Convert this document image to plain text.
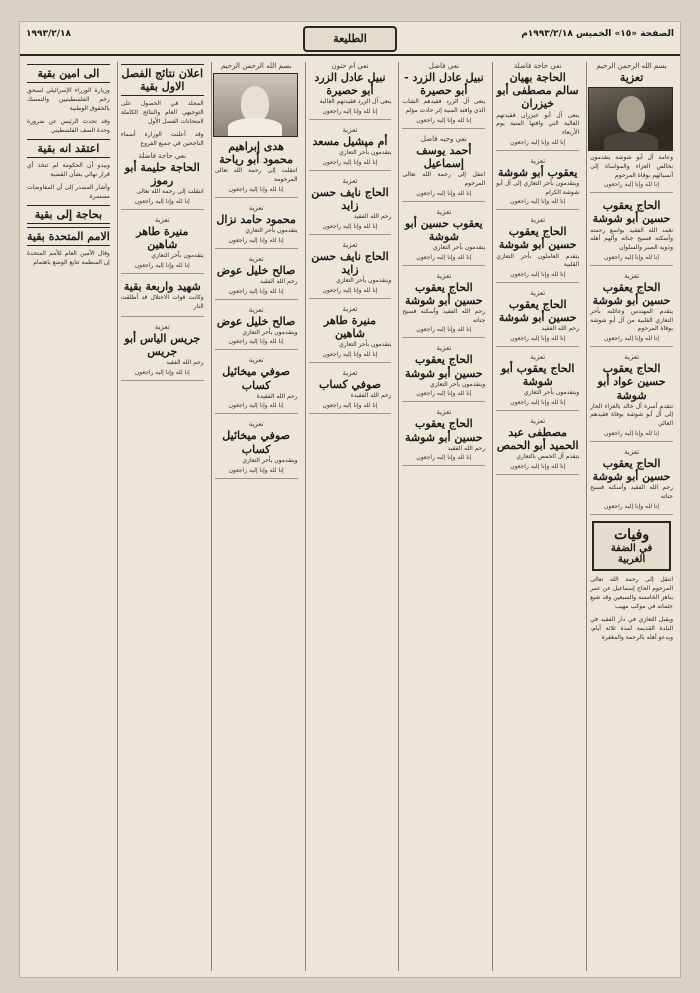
الصفحة «١٥» الخميس ١٩٩٣/٢/١٨م
الطليعة
١٩٩٣/٢/١٨
بسم الله الرحمن الرحيم
تعزية
وعامة آل أبو شوشة يتقدمون بخالص العزاء والمواساة إلى أنسبائهم بوفاة المرحوم
إنا لله وإنا إليه راجعون
الحاج يعقوب حسين أبو شوشة
تغمد الله الفقيد بواسع رحمته وأسكنه فسيح جناته وألهم أهله وذويه الصبر والسلوان
إنا لله وإنا إليه راجعون
تعزية
الحاج يعقوب حسين أبو شوشة
يتقدم المهندس وعائلته بأحر التعازي القلبية من آل أبو شوشة بوفاة المرحوم
إنا لله وإنا إليه راجعون
تعزية
الحاج يعقوب حسين عواد أبو شوشة
تتقدم أسرة آل خالد بالعزاء الحار إلى آل أبو شوشة بوفاة فقيدهم الغالي
إنا لله وإنا إليه راجعون
تعزية
الحاج يعقوب حسين أبو شوشة
رحم الله الفقيد وأسكنه فسيح جناته
إنا لله وإنا إليه راجعون
وفيات
في الضفة الغربية

انتقل إلى رحمة الله تعالى المرحوم الحاج إسماعيل عن عمر يناهز الخامسة والسبعين وقد شيع جثمانه في موكب مهيب

ويقبل التعازي في دار الفقيد في البلدة القديمة لمدة ثلاثة أيام، ويدعو أهله بالرحمة والمغفرة

نعي حاجة فاضلة
الحاجة بهيان سالم مصطفى أبو خيزران
ينعى آل أبو خيزران فقيدتهم الغالية التي وافتها المنية يوم الأربعاء
إنا لله وإنا إليه راجعون
تعزية
يعقوب أبو شوشة
ويتقدمون بأحر التعازي إلى آل أبو شوشة الكرام
إنا لله وإنا إليه راجعون
تعزية
الحاج يعقوب حسين أبو شوشة
يتقدم العاملون بأحر التعازي القلبية
إنا لله وإنا إليه راجعون
تعزية
الحاج يعقوب حسين أبو شوشة
رحم الله الفقيد
إنا لله وإنا إليه راجعون
تعزية
الحاج يعقوب أبو شوشة
ويتقدمون بأحر التعازي
إنا لله وإنا إليه راجعون
تعزية
مصطفى عبد الحميد أبو الحمص
يتقدم آل الحمص بالتعازي
إنا لله وإنا إليه راجعون
نعي فاضل
نبيل عادل الزرد - أبو حصيرة
ينعى آل الزرد فقيدهم الشاب الذي وافته المنية إثر حادث مؤلم
إنا لله وإنا إليه راجعون
نعي وجيه فاضل
أحمد يوسف إسماعيل
انتقل إلى رحمة الله تعالى المرحوم
إنا لله وإنا إليه راجعون
تعزية
يعقوب حسين أبو شوشة
يتقدمون بأحر التعازي
إنا لله وإنا إليه راجعون
تعزية
الحاج يعقوب حسين أبو شوشة
رحم الله الفقيد وأسكنه فسيح جناته
إنا لله وإنا إليه راجعون
تعزية
الحاج يعقوب حسين أبو شوشة
ويتقدمون بأحر التعازي
إنا لله وإنا إليه راجعون
تعزية
الحاج يعقوب حسين أبو شوشة
رحم الله الفقيد
إنا لله وإنا إليه راجعون
نعي أم حنون
نبيل عادل الزرد أبو حصيرة
ينعى آل الزرد فقيدتهم الغالية
إنا لله وإنا إليه راجعون
تعزية
أم ميشيل مسعد
يتقدمون بأحر التعازي
إنا لله وإنا إليه راجعون
تعزية
الحاج نايف حسن زايد
رحم الله الفقيد
إنا لله وإنا إليه راجعون
تعزية
الحاج نايف حسن زايد
ويتقدمون بأحر التعازي
إنا لله وإنا إليه راجعون
تعزية
منيرة طاهر شاهين
يتقدمون بأحر التعازي
إنا لله وإنا إليه راجعون
تعزية
صوفي كساب
رحم الله الفقيدة
إنا لله وإنا إليه راجعون
بسم الله الرحمن الرحيم
هدى إبراهيم محمود أبو رياحة
انتقلت إلى رحمة الله تعالى المرحومة
إنا لله وإنا إليه راجعون
تعزية
محمود حامد نزال
يتقدمون بأحر التعازي
إنا لله وإنا إليه راجعون
تعزية
صالح خليل عوض
رحم الله الفقيد
إنا لله وإنا إليه راجعون
تعزية
صالح خليل عوض
ويتقدمون بأحر التعازي
إنا لله وإنا إليه راجعون
تعزية
صوفي ميخائيل كساب
رحم الله الفقيدة
إنا لله وإنا إليه راجعون
تعزية
صوفي ميخائيل كساب
ويتقدمون بأحر التعازي
إنا لله وإنا إليه راجعون
اعلان نتائج الفصل الاول بقية

المجلد في الحصول على التوجيهي العام والنتائج الكاملة لامتحانات الفصل الأول

وقد أعلنت الوزارة أسماء الناجحين في جميع الفروع

نعي حاجة فاضلة
الحاجة حليمة أبو رموز
انتقلت إلى رحمة الله تعالى
إنا لله وإنا إليه راجعون
تعزية
منيرة طاهر شاهين
يتقدمون بأحر التعازي
إنا لله وإنا إليه راجعون
شهيد واربعة بقية
وكانت قوات الاحتلال قد أطلقت النار
تعزية
جريس الياس أبو جريس
رحم الله الفقيد
إنا لله وإنا إليه راجعون
الى امين بقية

وزيارة الوزراء الإسرائيلي لسحق زخم الفلسطينيين والتمسك بالحقوق الوطنية

وقد تحدث الرئيس عن ضرورة وحدة الصف الفلسطيني

اعتقد انه بقية

ويبدو أن الحكومة لم تتخذ أي قرار نهائي بشأن القضية

وأشار المصدر إلى أن المفاوضات مستمرة

بحاجة إلى بقية
الامم المتحدة بقية

وقال الأمين العام للأمم المتحدة إن المنظمة تتابع الوضع باهتمام
